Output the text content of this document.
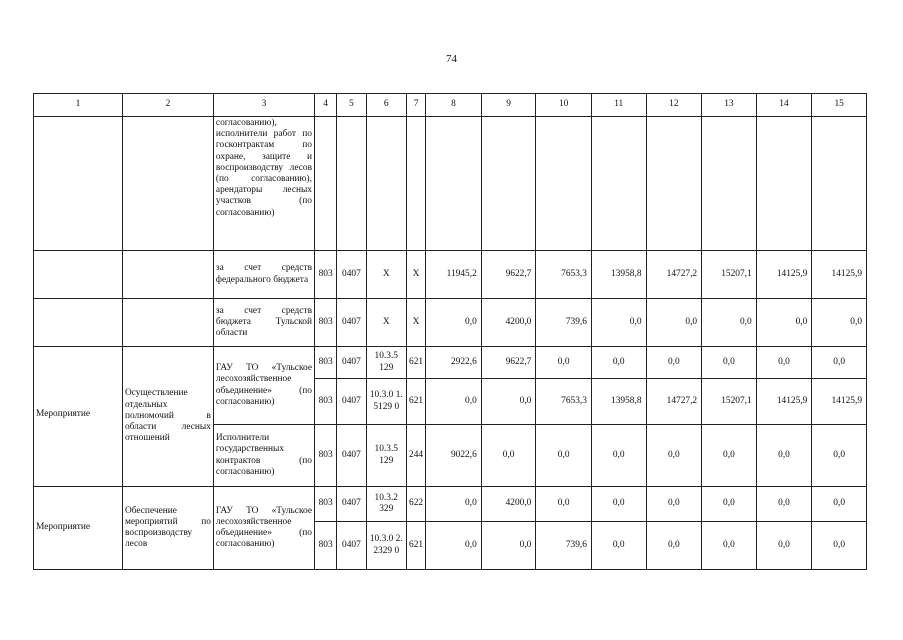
74
1	2	3	4	5	6	7	8	9	10	11	12	13	14	15
		согласованию), исполнители работ по госконтрактам по охране, защите и воспроизводству лесов (по согласованию), арендаторы лесных участков (по согласованию)												
		за счет средств федерального бюджета	803	0407	X	X	11945,2	9622,7	7653,3	13958,8	14727,2	15207,1	14125,9	14125,9
		за счет средств бюджета Тульской области	803	0407	X	X	0,0	4200,0	739,6	0,0	0,0	0,0	0,0	0,0
Мероприятие	Осуществление отдельных полномочий в области лесных отношений	ГАУ ТО «Тульское лесохозяйственное объединение» (по согласованию)	803	0407	10.3.5 129	621	2922,6	9622,7	0,0	0,0	0,0	0,0	0,0	0,0
			803	0407	10.3.0 1.5129 0	621	0,0	0,0	7653,3	13958,8	14727,2	15207,1	14125,9	14125,9
		Исполнители государственных контрактов (по согласованию)	803	0407	10.3.5 129	244	9022,6	0,0	0,0	0,0	0,0	0,0	0,0	0,0
Мероприятие	Обеспечение мероприятий по воспроизводству лесов	ГАУ ТО «Тульское лесохозяйственное объединение» (по согласованию)	803	0407	10.3.2 329	622	0,0	4200,0	0,0	0,0	0,0	0,0	0,0	0,0
			803	0407	10.3.0 2.2329 0	621	0,0	0,0	739,6	0,0	0,0	0,0	0,0	0,0
